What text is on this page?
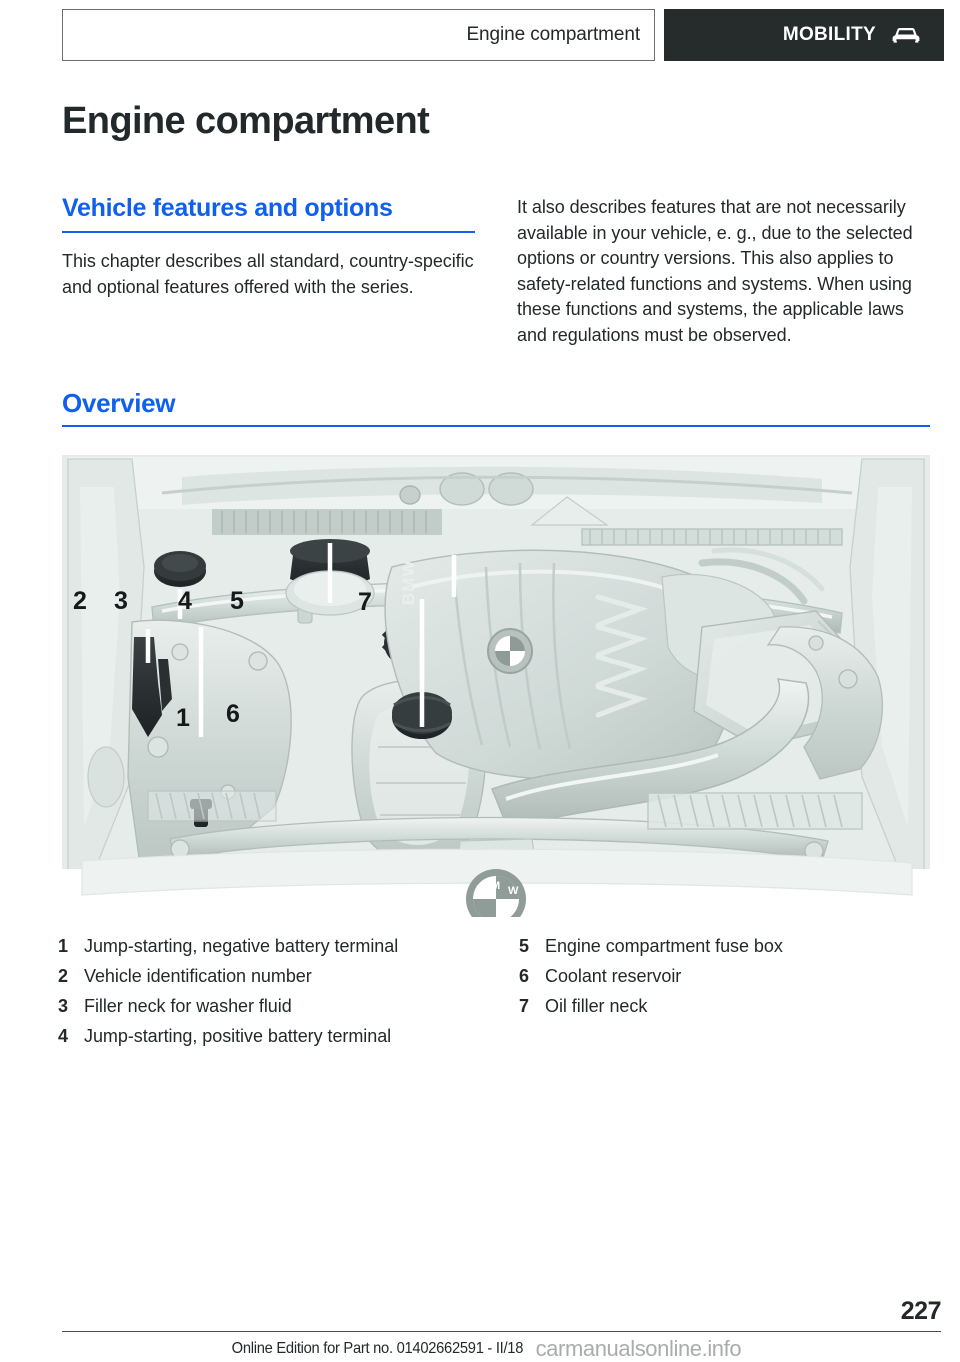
Engine compartment	MOBILITY
Engine compartment
Vehicle features and options

This chapter describes all standard, country-specific and optional features offered with the series.

It also describes features that are not necessarily available in your vehicle, e. g., due to the selected options or country versions. This also applies to safety-related functions and systems. When using these functions and systems, the applicable laws and regulations must be observed.

Overview
BMW
B M W
1
2 3 4 5
6
7
1 Jump-starting, negative battery terminal
2 Vehicle identification number
3 Filler neck for washer fluid
4 Jump-starting, positive battery terminal
5 Engine compartment fuse box
6 Coolant reservoir
7 Oil filler neck
227
Online Edition for Part no. 01402662591 - II/18 carmanualsonline.info
